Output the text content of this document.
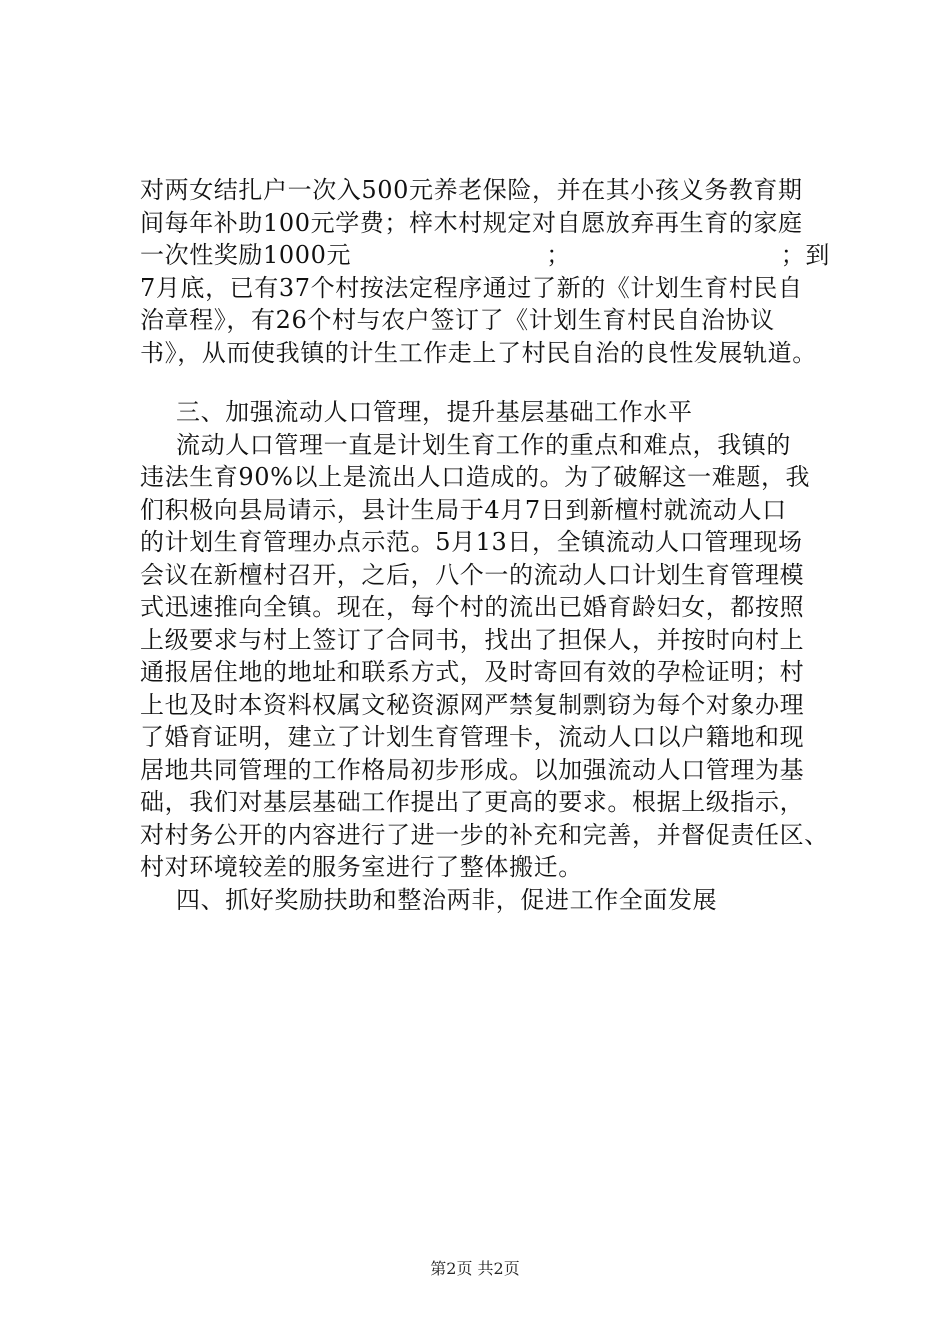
对两女结扎户一次入500元养老保险，并在其小孩义务教育期
间每年补助100元学费；梓木村规定对自愿放弃再生育的家庭
一次性奖励1000元	；	；到
7月底，已有37个村按法定程序通过了新的《计划生育村民自
治章程》，有26个村与农户签订了《计划生育村民自治协议
书》，从而使我镇的计生工作走上了村民自治的良性发展轨道。
三、加强流动人口管理，提升基层基础工作水平
流动人口管理一直是计划生育工作的重点和难点，我镇的
违法生育90%以上是流出人口造成的。为了破解这一难题，我
们积极向县局请示，县计生局于4月7日到新檀村就流动人口
的计划生育管理办点示范。5月13日，全镇流动人口管理现场
会议在新檀村召开，之后，八个一的流动人口计划生育管理模
式迅速推向全镇。现在，每个村的流出已婚育龄妇女，都按照
上级要求与村上签订了合同书，找出了担保人，并按时向村上
通报居住地的地址和联系方式，及时寄回有效的孕检证明；村
上也及时本资料权属文秘资源网严禁复制剽窃为每个对象办理
了婚育证明，建立了计划生育管理卡，流动人口以户籍地和现
居地共同管理的工作格局初步形成。以加强流动人口管理为基
础，我们对基层基础工作提出了更高的要求。根据上级指示，
对村务公开的内容进行了进一步的补充和完善，并督促责任区、
村对环境较差的服务室进行了整体搬迁。
四、抓好奖励扶助和整治两非，促进工作全面发展
第2页 共2页
